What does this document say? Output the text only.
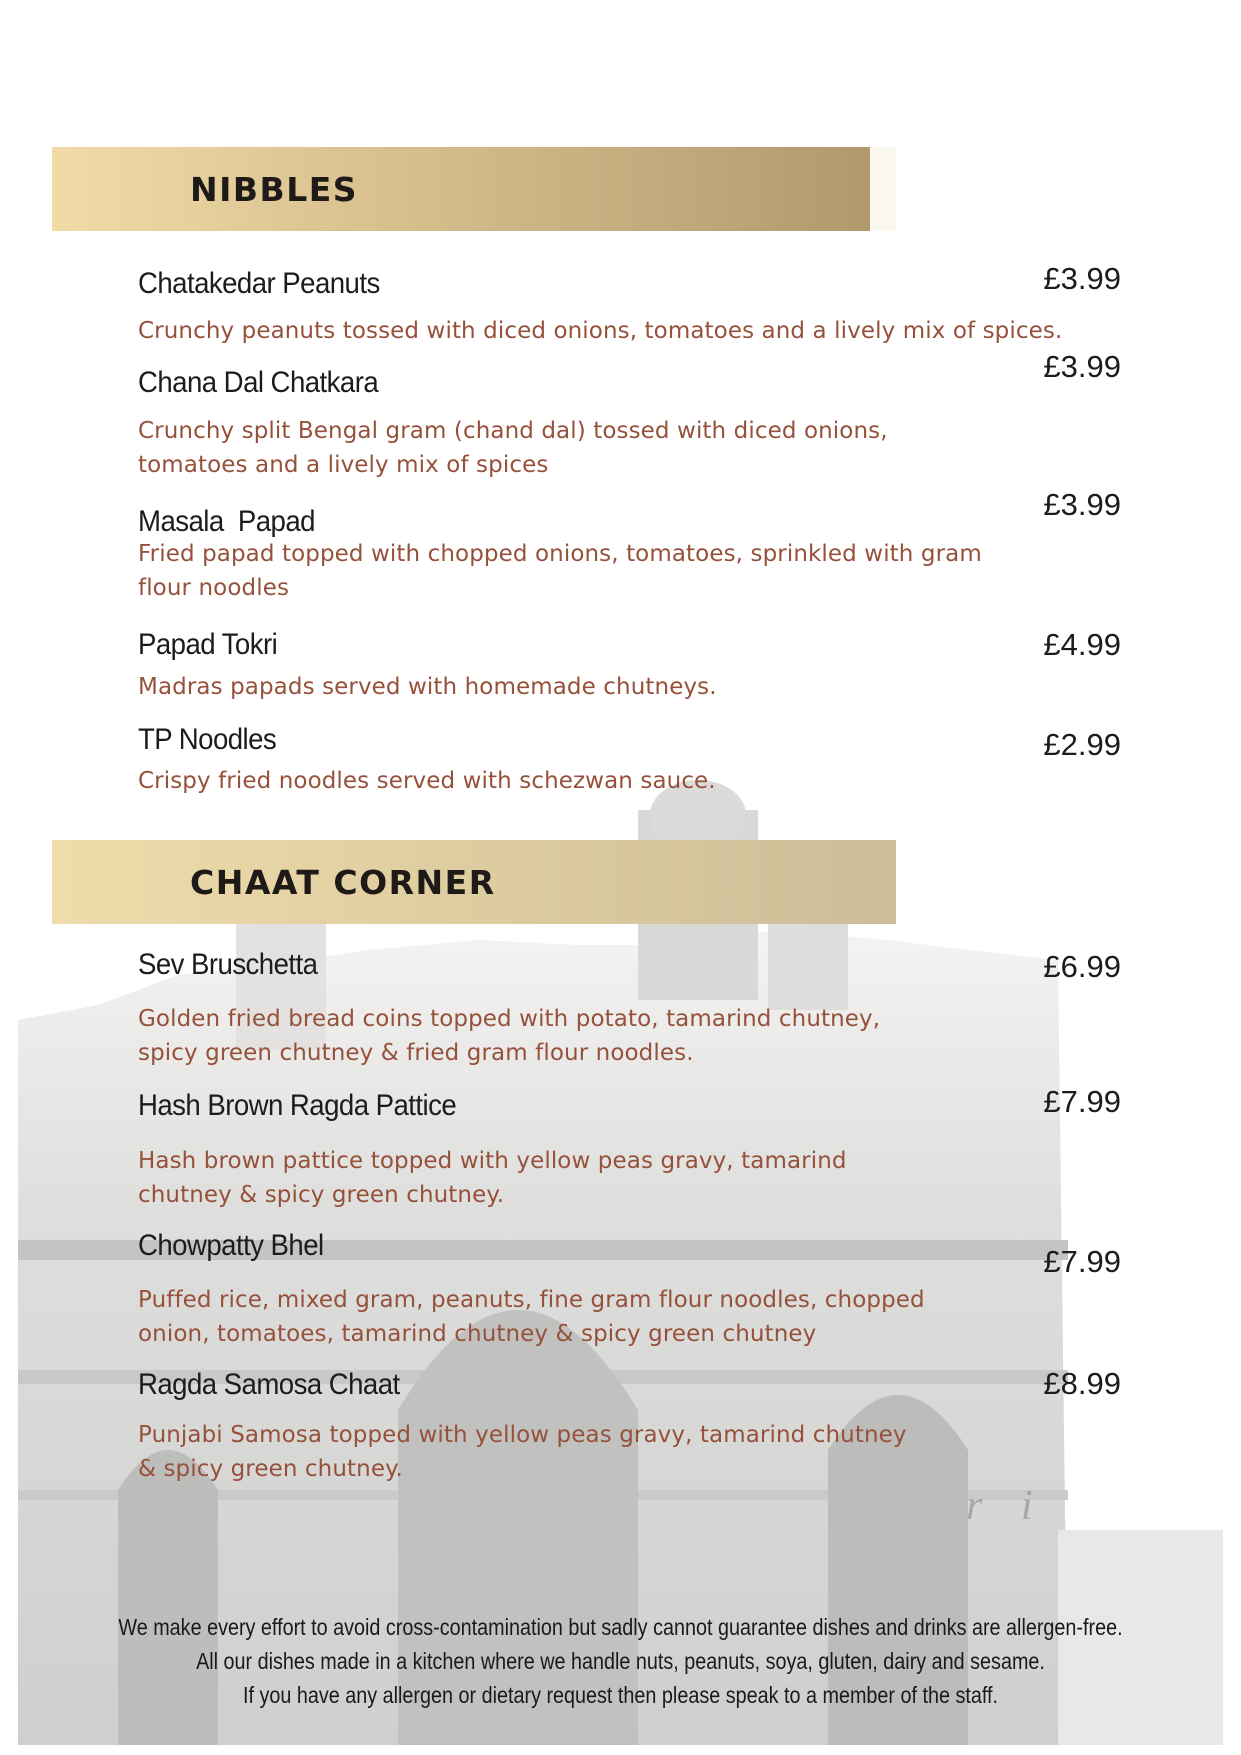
NIBBLES

Chatakedar Peanuts	£3.99

Crunchy peanuts tossed with diced onions, tomatoes and a lively mix of spices.

Chana Dal Chatkara	£3.99

Crunchy split Bengal gram (chand dal) tossed with diced onions, tomatoes and a lively mix of spices

Masala  Papad	£3.99

Fried papad topped with chopped onions, tomatoes, sprinkled with gram flour noodles

Papad Tokri	£4.99

Madras papads served with homemade chutneys.

TP Noodles	£2.99

Crispy fried noodles served with schezwan sauce.

CHAAT CORNER

Sev Bruschetta	£6.99

Golden fried bread coins topped with potato, tamarind chutney, spicy green chutney & fried gram flour noodles.

Hash Brown Ragda Pattice	£7.99

Hash brown pattice topped with yellow peas gravy, tamarind chutney & spicy green chutney.

Chowpatty Bhel	£7.99

Puffed rice, mixed gram, peanuts, fine gram flour noodles, chopped onion, tomatoes, tamarind chutney & spicy green chutney

Ragda Samosa Chaat	£8.99

Punjabi Samosa topped with yellow peas gravy, tamarind chutney & spicy green chutney.

r i
We make every effort to avoid cross-contamination but sadly cannot guarantee dishes and drinks are allergen-free.
All our dishes made in a kitchen where we handle nuts, peanuts, soya, gluten, dairy and sesame.
If you have any allergen or dietary request then please speak to a member of the staff.
